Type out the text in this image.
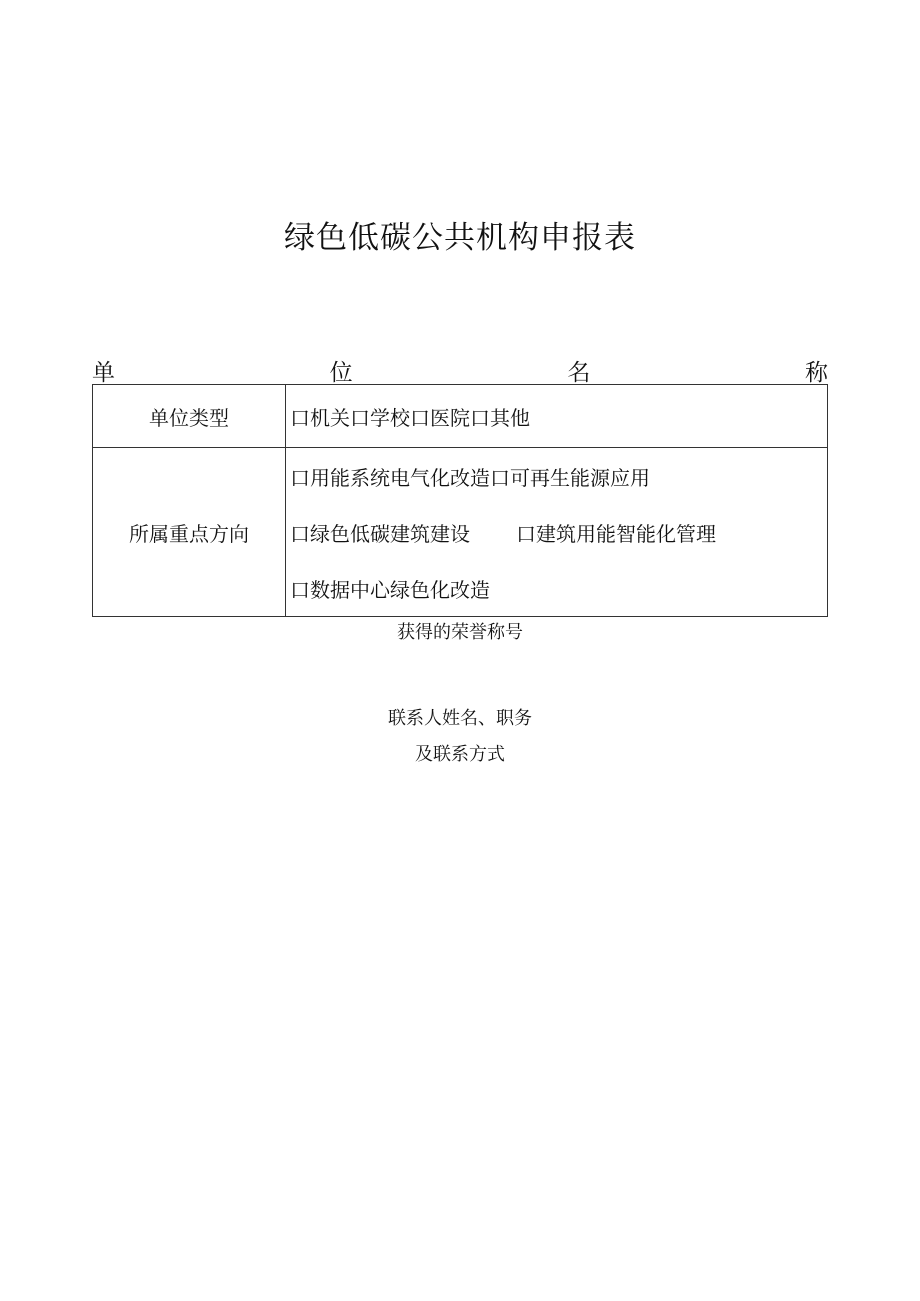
绿色低碳公共机构申报表
单	位	名	称
单位类型	口机关口学校口医院口其他
所属重点方向	口用能系统电气化改造口可再生能源应用
口绿色低碳建筑建设 口建筑用能智能化管理
口数据中心绿色化改造
获得的荣誉称号
联系人姓名、职务
及联系方式
